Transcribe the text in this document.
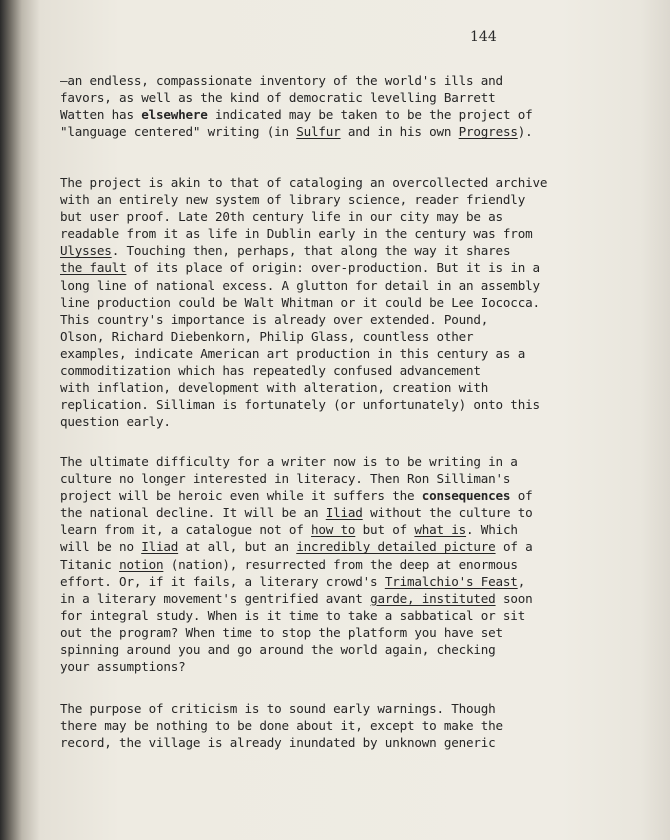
144
—an endless, compassionate inventory of the world's ills and
favors, as well as the kind of democratic levelling Barrett
Watten has elsewhere indicated may be taken to be the project of
"language centered" writing (in Sulfur and in his own Progress).
The project is akin to that of cataloging an overcollected archive
with an entirely new system of library science, reader friendly
but user proof. Late 20th century life in our city may be as
readable from it as life in Dublin early in the century was from
Ulysses. Touching then, perhaps, that along the way it shares
the fault of its place of origin: over-production. But it is in a
long line of national excess. A glutton for detail in an assembly
line production could be Walt Whitman or it could be Lee Iococca.
This country's importance is already over extended. Pound,
Olson, Richard Diebenkorn, Philip Glass, countless other
examples, indicate American art production in this century as a
commoditization which has repeatedly confused advancement
with inflation, development with alteration, creation with
replication. Silliman is fortunately (or unfortunately) onto this
question early.
The ultimate difficulty for a writer now is to be writing in a
culture no longer interested in literacy. Then Ron Silliman's
project will be heroic even while it suffers the consequences of
the national decline. It will be an Iliad without the culture to
learn from it, a catalogue not of how to but of what is. Which
will be no Iliad at all, but an incredibly detailed picture of a
Titanic notion (nation), resurrected from the deep at enormous
effort. Or, if it fails, a literary crowd's Trimalchio's Feast,
in a literary movement's gentrified avant garde, instituted soon
for integral study. When is it time to take a sabbatical or sit
out the program? When time to stop the platform you have set
spinning around you and go around the world again, checking
your assumptions?
The purpose of criticism is to sound early warnings. Though
there may be nothing to be done about it, except to make the
record, the village is already inundated by unknown generic
